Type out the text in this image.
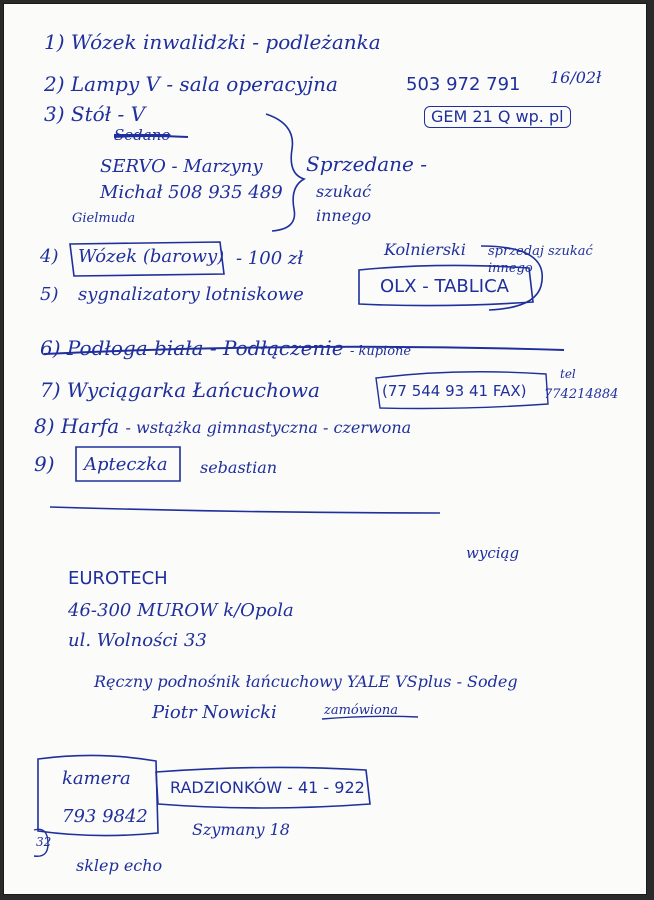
1) Wózek inwalidzki - podleżanka
2) Lampy V - sala operacyjna	503 972 791 16/02ł
3) Stół - V	GEM 21 Q wp. pl
Sedano
SERVO - Marzyny
Michał 508 935 489
Gielmuda
Sprzedane -
szukać
innego
4) Wózek (barowy) - 100 zł	Kolnierski sprzedaj szukać innego
5) sygnalizatory lotniskowe	OLX - TABLICA
6) Podłoga biała - Podłączenie - kupione
7) Wyciągarka Łańcuchowa	(77 544 93 41 FAX)
tel
774214884
8) Harfa - wstążka gimnastyczna - czerwona
9) Apteczka sebastian
wyciąg
EUROTECH
46-300 MUROW k/Opola
ul. Wolności 33
Ręczny podnośnik łańcuchowy YALE VSplus - Sodeg
Piotr Nowicki	zamówiona
kamera
793 9842
RADZIONKÓW - 41 - 922
Szymany 18
32
sklep echo
